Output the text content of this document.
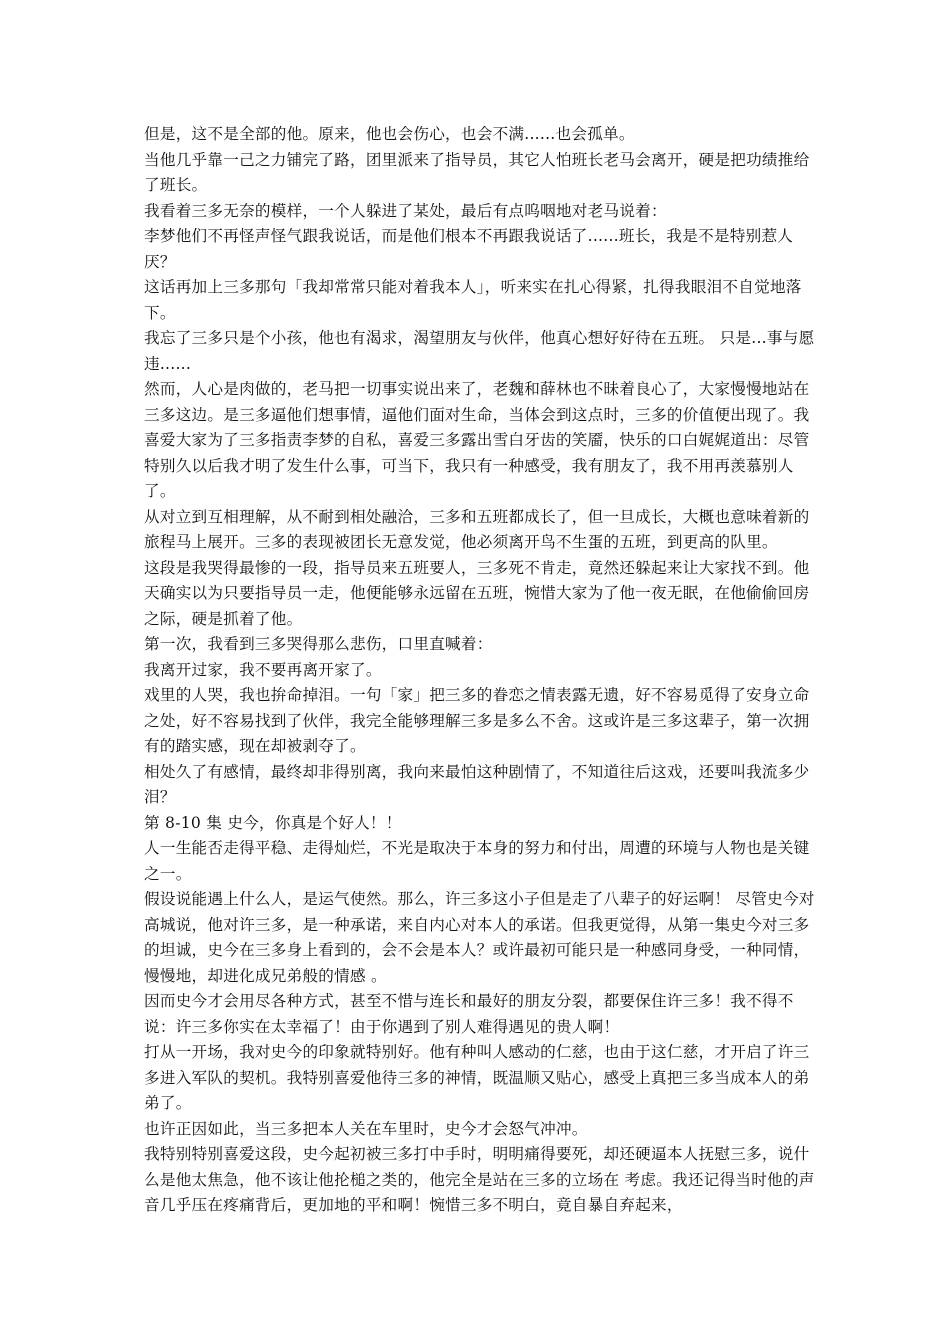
但是，这不是全部的他。原来，他也会伤心，也会不满......也会孤单。

当他几乎靠一己之力铺完了路，团里派来了指导员，其它人怕班长老马会离开，硬是把功绩推给了班长。

我看着三多无奈的模样，一个人躲进了某处，最后有点呜咽地对老马说着：

李梦他们不再怪声怪气跟我说话，而是他们根本不再跟我说话了......班长，我是不是特别惹人厌？

这话再加上三多那句「我却常常只能对着我本人」，听来实在扎心得紧，扎得我眼泪不自觉地落下。

我忘了三多只是个小孩，他也有渴求，渴望朋友与伙伴，他真心想好好待在五班。 只是...事与愿违......

然而，人心是肉做的，老马把一切事实说出来了，老魏和薛林也不昧着良心了，大家慢慢地站在三多这边。是三多逼他们想事情，逼他们面对生命，当体会到这点时，三多的价值便出现了。我喜爱大家为了三多指责李梦的自私，喜爱三多露出雪白牙齿的笑靥，快乐的口白娓娓道出：尽管特别久以后我才明了发生什么事，可当下，我只有一种感受，我有朋友了，我不用再羡慕别人了。

从对立到互相理解，从不耐到相处融洽，三多和五班都成长了，但一旦成长，大概也意味着新的旅程马上展开。三多的表现被团长无意发觉，他必须离开鸟不生蛋的五班，到更高的队里。

这段是我哭得最惨的一段，指导员来五班要人，三多死不肯走，竟然还躲起来让大家找不到。他天确实以为只要指导员一走，他便能够永远留在五班，惋惜大家为了他一夜无眠，在他偷偷回房之际，硬是抓着了他。

第一次，我看到三多哭得那么悲伤，口里直喊着：

我离开过家，我不要再离开家了。

戏里的人哭，我也拚命掉泪。一句「家」把三多的眷恋之情表露无遗，好不容易觅得了安身立命之处，好不容易找到了伙伴，我完全能够理解三多是多么不舍。这或许是三多这辈子，第一次拥有的踏实感，现在却被剥夺了。

相处久了有感情，最终却非得别离，我向来最怕这种剧情了，不知道往后这戏，还要叫我流多少泪？

第 8-10 集 史今，你真是个好人！！

人一生能否走得平稳、走得灿烂，不光是取决于本身的努力和付出，周遭的环境与人物也是关键之一。

假设说能遇上什么人，是运气使然。那么，许三多这小子但是走了八辈子的好运啊！ 尽管史今对高城说，他对许三多，是一种承诺，来自内心对本人的承诺。但我更觉得，从第一集史今对三多的坦诚，史今在三多身上看到的，会不会是本人？或许最初可能只是一种感同身受，一种同情，慢慢地，却进化成兄弟般的情感 。

因而史今才会用尽各种方式，甚至不惜与连长和最好的朋友分裂，都要保住许三多！我不得不说：许三多你实在太幸福了！由于你遇到了别人难得遇见的贵人啊！

打从一开场，我对史今的印象就特别好。他有种叫人感动的仁慈，也由于这仁慈，才开启了许三多进入军队的契机。我特别喜爱他待三多的神情，既温顺又贴心，感受上真把三多当成本人的弟弟了。

也许正因如此，当三多把本人关在车里时，史今才会怒气冲冲。

我特别特别喜爱这段，史今起初被三多打中手时，明明痛得要死，却还硬逼本人抚慰三多，说什么是他太焦急，他不该让他抡槌之类的，他完全是站在三多的立场在 考虑。我还记得当时他的声音几乎压在疼痛背后，更加地的平和啊！惋惜三多不明白，竟自暴自弃起来，
